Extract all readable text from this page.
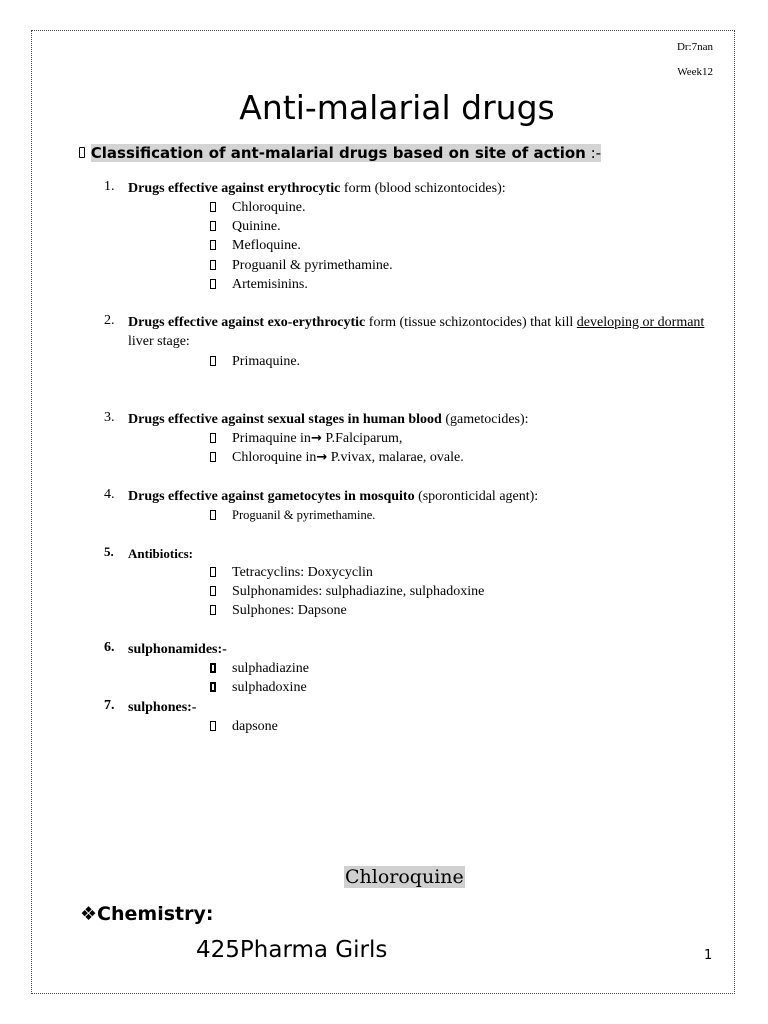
Dr:7nan
Week12
Anti-malarial drugs
Classification of ant-malarial drugs based on site of action :-
1. Drugs effective against erythrocytic form (blood schizontocides):
Chloroquine.
Quinine.
Mefloquine.
Proguanil & pyrimethamine.
Artemisinins.
2. Drugs effective against exo-erythrocytic form (tissue schizontocides) that kill developing or dormant liver stage:
Primaquine.
3. Drugs effective against sexual stages in human blood (gametocides):
Primaquine in→ P.Falciparum,
Chloroquine in→ P.vivax, malarae, ovale.
4. Drugs effective against gametocytes in mosquito (sporonticidal agent):
Proguanil & pyrimethamine.
5. Antibiotics:
Tetracyclins: Doxycyclin
Sulphonamides: sulphadiazine, sulphadoxine
Sulphones: Dapsone
6. sulphonamides:-
sulphadiazine
sulphadoxine
7. sulphones:-
dapsone
Chloroquine
❖Chemistry:
425Pharma Girls	1
